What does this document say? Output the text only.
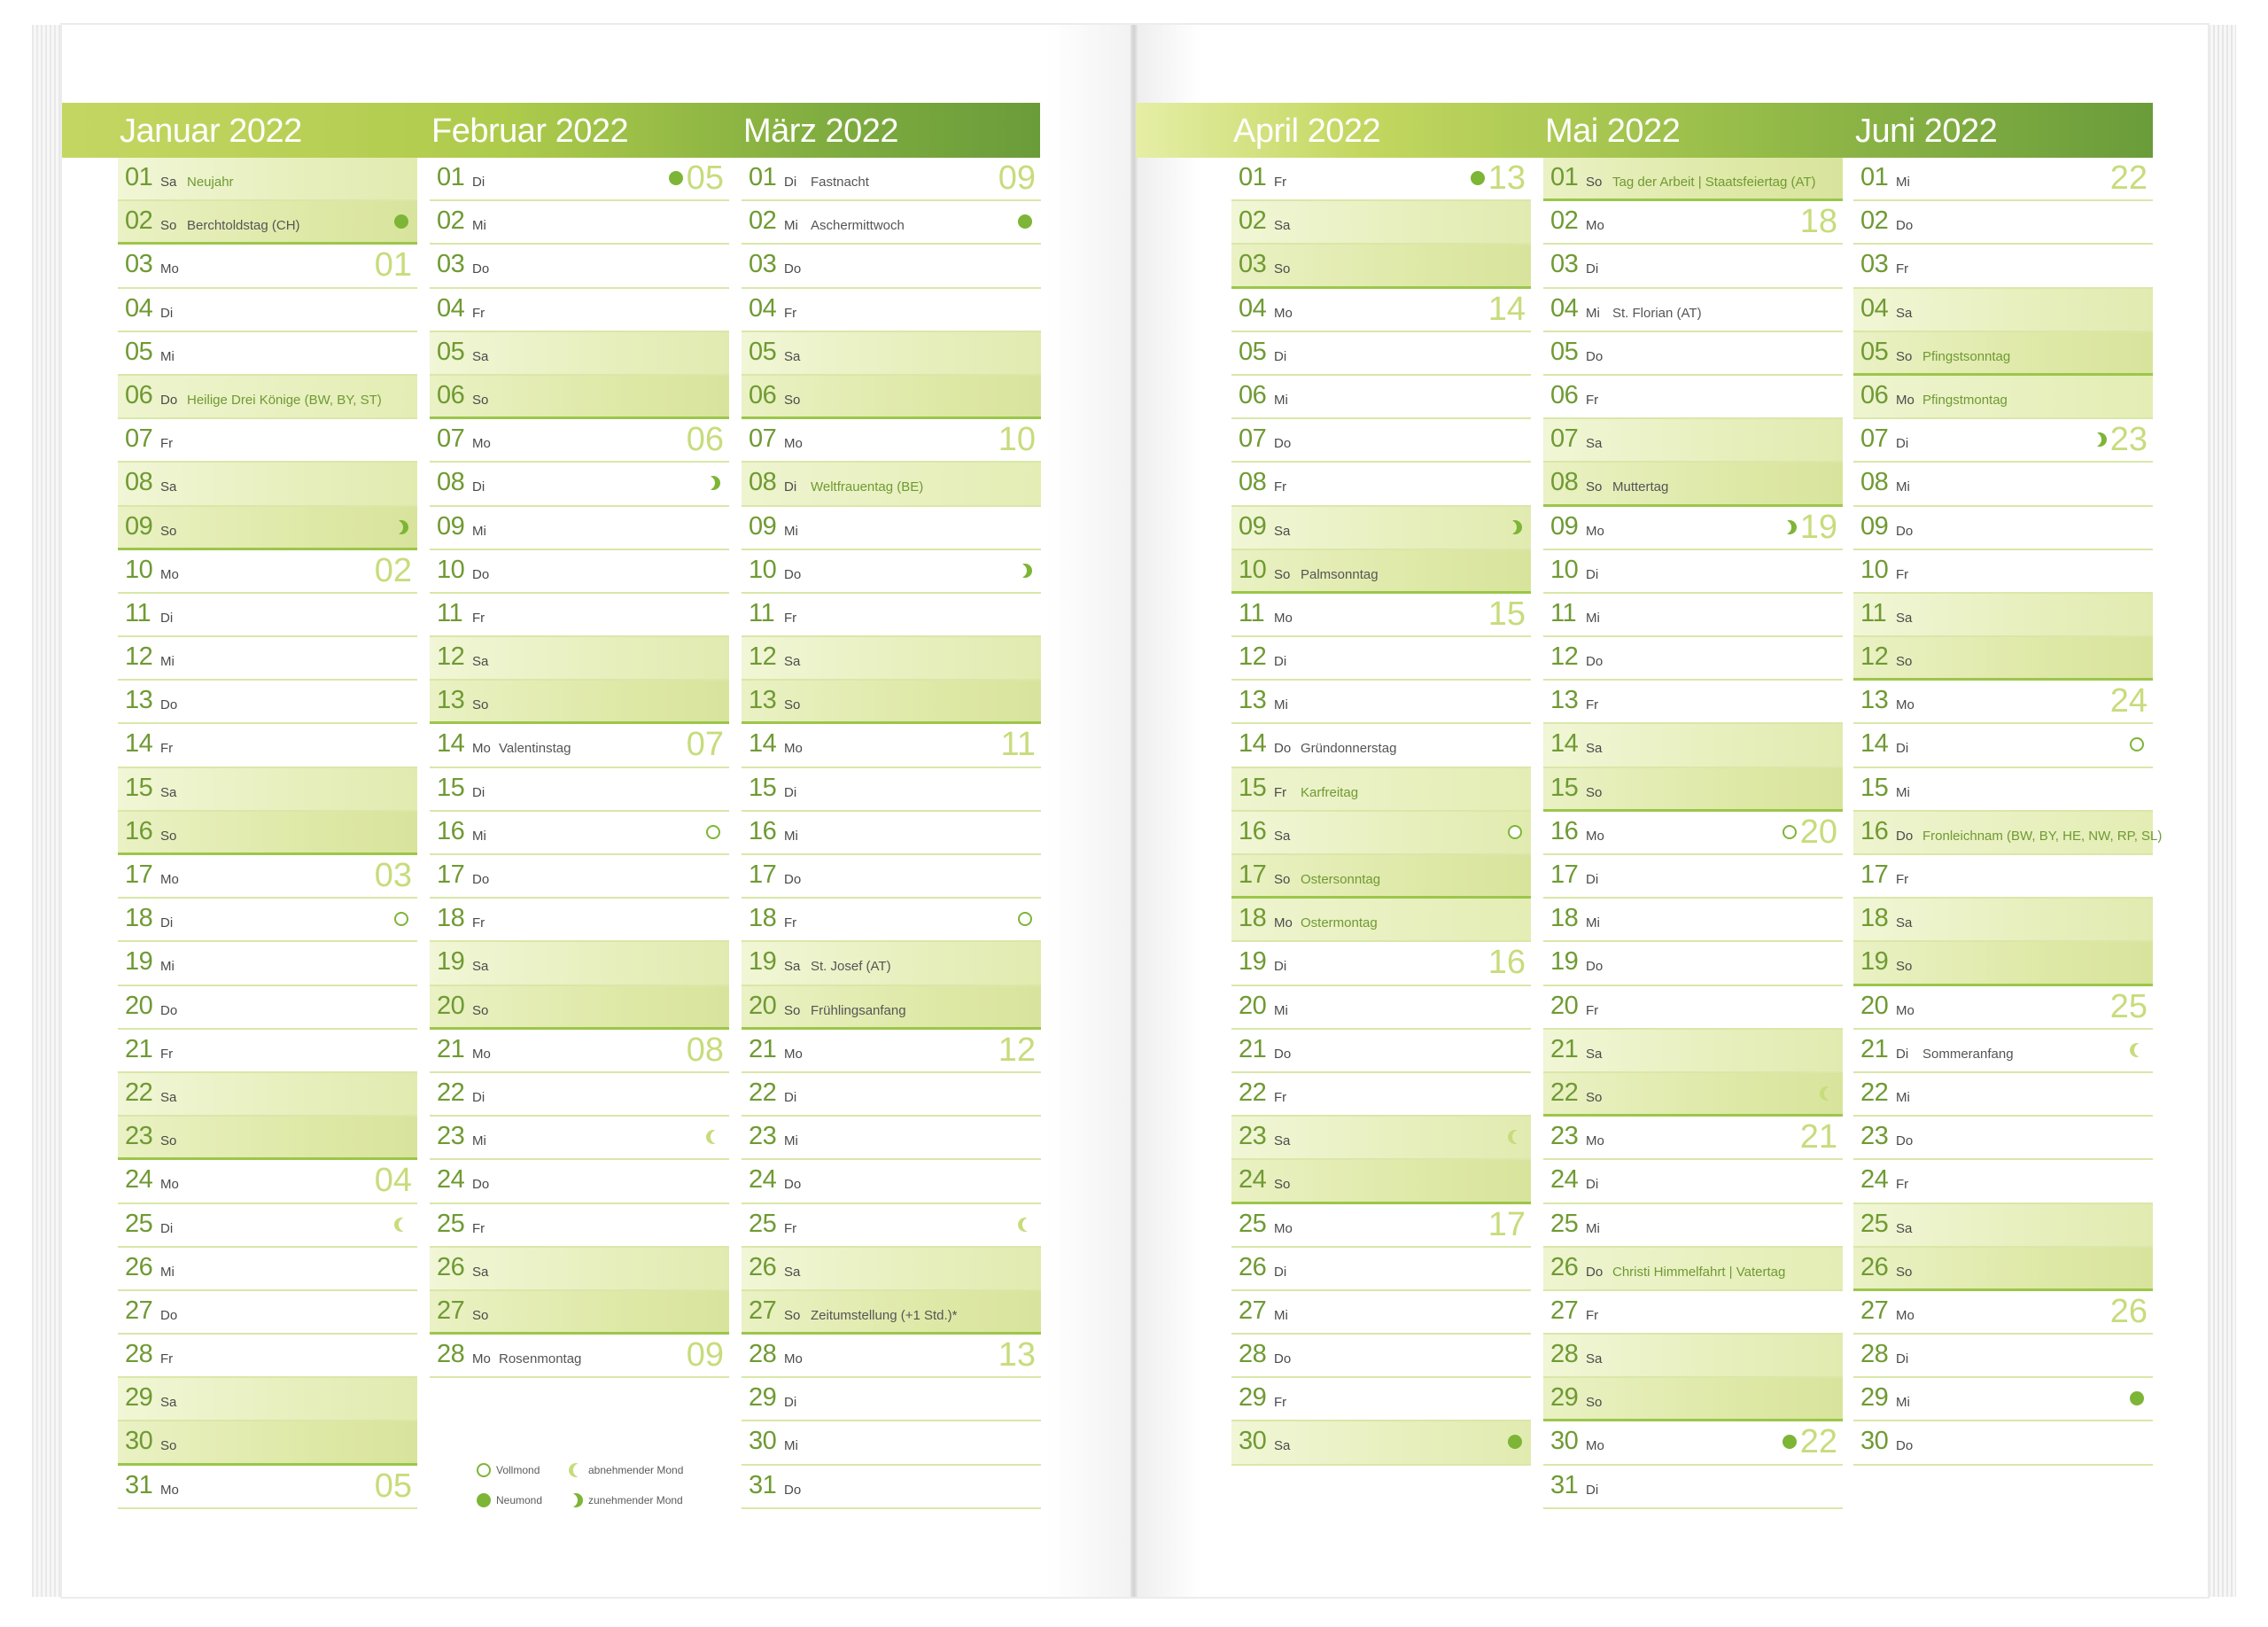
Januar 2022
01 Sa Neujahr
02 So Berchtoldstag (CH)
03 Mo	01
04 Di
05 Mi
06 Do Heilige Drei Könige (BW, BY, ST)
07 Fr
08 Sa
09 So
10 Mo	02
11 Di
12 Mi
13 Do
14 Fr
15 Sa
16 So
17 Mo	03
18 Di
19 Mi
20 Do
21 Fr
22 Sa
23 So
24 Mo	04
25 Di
26 Mi
27 Do
28 Fr
29 Sa
30 So
31 Mo	05
Februar 2022
01 Di	05
02 Mi
03 Do
04 Fr
05 Sa
06 So
07 Mo	06
08 Di
09 Mi
10 Do
11 Fr
12 Sa
13 So
14 Mo Valentinstag	07
15 Di
16 Mi
17 Do
18 Fr
19 Sa
20 So
21 Mo	08
22 Di
23 Mi
24 Do
25 Fr
26 Sa
27 So
28 Mo Rosenmontag	09
März 2022
01 Di Fastnacht	09
02 Mi Aschermittwoch
03 Do
04 Fr
05 Sa
06 So
07 Mo	10
08 Di Weltfrauentag (BE)
09 Mi
10 Do
11 Fr
12 Sa
13 So
14 Mo	11
15 Di
16 Mi
17 Do
18 Fr
19 Sa St. Josef (AT)
20 So Frühlingsanfang
21 Mo	12
22 Di
23 Mi
24 Do
25 Fr
26 Sa
27 So Zeitumstellung (+1 Std.)*
28 Mo	13
29 Di
30 Mi
31 Do
April 2022
01 Fr	13
02 Sa
03 So
04 Mo	14
05 Di
06 Mi
07 Do
08 Fr
09 Sa
10 So Palmsonntag
11 Mo	15
12 Di
13 Mi
14 Do Gründonnerstag
15 Fr Karfreitag
16 Sa
17 So Ostersonntag
18 Mo Ostermontag
19 Di	16
20 Mi
21 Do
22 Fr
23 Sa
24 So
25 Mo	17
26 Di
27 Mi
28 Do
29 Fr
30 Sa
Mai 2022
01 So Tag der Arbeit | Staatsfeiertag (AT)
02 Mo	18
03 Di
04 Mi St. Florian (AT)
05 Do
06 Fr
07 Sa
08 So Muttertag
09 Mo	19
10 Di
11 Mi
12 Do
13 Fr
14 Sa
15 So
16 Mo	20
17 Di
18 Mi
19 Do
20 Fr
21 Sa
22 So
23 Mo	21
24 Di
25 Mi
26 Do Christi Himmelfahrt | Vatertag
27 Fr
28 Sa
29 So
30 Mo	22
31 Di
Juni 2022
01 Mi	22
02 Do
03 Fr
04 Sa
05 So Pfingstsonntag
06 Mo Pfingstmontag
07 Di	23
08 Mi
09 Do
10 Fr
11 Sa
12 So
13 Mo	24
14 Di
15 Mi
16 Do Fronleichnam (BW, BY, HE, NW, RP, SL)
17 Fr
18 Sa
19 So
20 Mo	25
21 Di Sommeranfang
22 Mi
23 Do
24 Fr
25 Sa
26 So
27 Mo	26
28 Di
29 Mi
30 Do
Vollmond
Neumond
abnehmender Mond
zunehmender Mond
